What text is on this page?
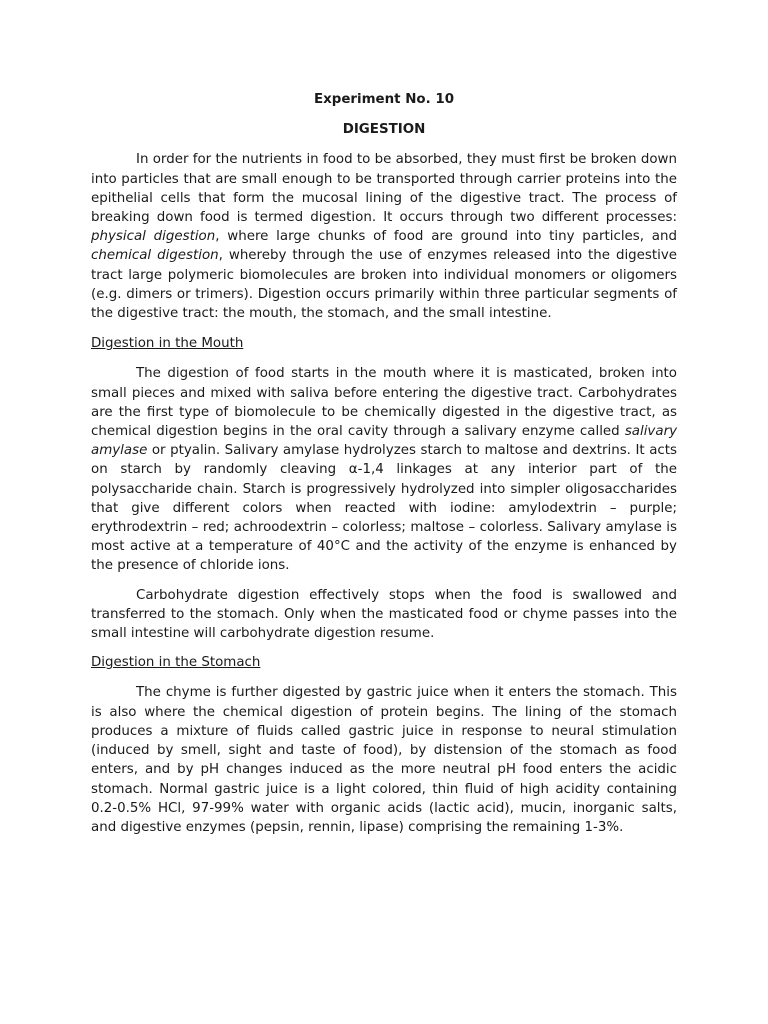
Experiment No. 10

DIGESTION

In order for the nutrients in food to be absorbed, they must first be broken down into particles that are small enough to be transported through carrier proteins into the epithelial cells that form the mucosal lining of the digestive tract. The process of breaking down food is termed digestion. It occurs through two different processes: physical digestion, where large chunks of food are ground into tiny particles, and chemical digestion, whereby through the use of enzymes released into the digestive tract large polymeric biomolecules are broken into individual monomers or oligomers (e.g. dimers or trimers). Digestion occurs primarily within three particular segments of the digestive tract: the mouth, the stomach, and the small intestine.

Digestion in the Mouth

The digestion of food starts in the mouth where it is masticated, broken into small pieces and mixed with saliva before entering the digestive tract. Carbohydrates are the first type of biomolecule to be chemically digested in the digestive tract, as chemical digestion begins in the oral cavity through a salivary enzyme called salivary amylase or ptyalin. Salivary amylase hydrolyzes starch to maltose and dextrins. It acts on starch by randomly cleaving α-1,4 linkages at any interior part of the polysaccharide chain. Starch is progressively hydrolyzed into simpler oligosaccharides that give different colors when reacted with iodine: amylodextrin – purple; erythrodextrin – red; achroodextrin – colorless; maltose – colorless. Salivary amylase is most active at a temperature of 40°C and the activity of the enzyme is enhanced by the presence of chloride ions.

Carbohydrate digestion effectively stops when the food is swallowed and transferred to the stomach. Only when the masticated food or chyme passes into the small intestine will carbohydrate digestion resume.

Digestion in the Stomach

The chyme is further digested by gastric juice when it enters the stomach. This is also where the chemical digestion of protein begins. The lining of the stomach produces a mixture of fluids called gastric juice in response to neural stimulation (induced by smell, sight and taste of food), by distension of the stomach as food enters, and by pH changes induced as the more neutral pH food enters the acidic stomach. Normal gastric juice is a light colored, thin fluid of high acidity containing 0.2-0.5% HCl, 97-99% water with organic acids (lactic acid), mucin, inorganic salts, and digestive enzymes (pepsin, rennin, lipase) comprising the remaining 1-3%.
